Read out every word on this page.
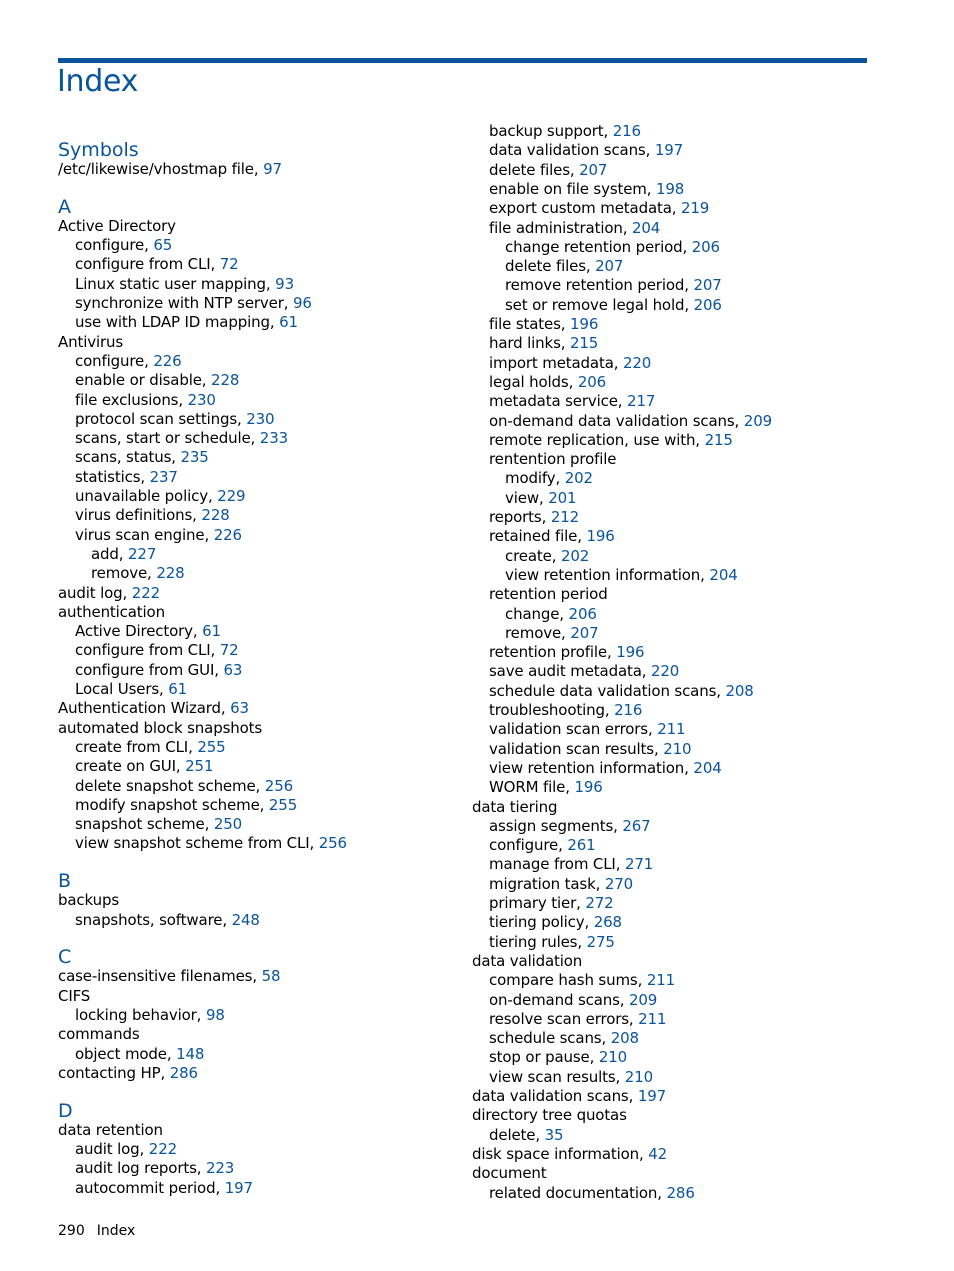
Index
Symbols
/etc/likewise/vhostmap file, 97
A
Active Directory
configure, 65
configure from CLI, 72
Linux static user mapping, 93
synchronize with NTP server, 96
use with LDAP ID mapping, 61
Antivirus
configure, 226
enable or disable, 228
file exclusions, 230
protocol scan settings, 230
scans, start or schedule, 233
scans, status, 235
statistics, 237
unavailable policy, 229
virus definitions, 228
virus scan engine, 226
add, 227
remove, 228
audit log, 222
authentication
Active Directory, 61
configure from CLI, 72
configure from GUI, 63
Local Users, 61
Authentication Wizard, 63
automated block snapshots
create from CLI, 255
create on GUI, 251
delete snapshot scheme, 256
modify snapshot scheme, 255
snapshot scheme, 250
view snapshot scheme from CLI, 256
B
backups
snapshots, software, 248
C
case-insensitive filenames, 58
CIFS
locking behavior, 98
commands
object mode, 148
contacting HP, 286
D
data retention
audit log, 222
audit log reports, 223
autocommit period, 197
backup support, 216
data validation scans, 197
delete files, 207
enable on file system, 198
export custom metadata, 219
file administration, 204
change retention period, 206
delete files, 207
remove retention period, 207
set or remove legal hold, 206
file states, 196
hard links, 215
import metadata, 220
legal holds, 206
metadata service, 217
on-demand data validation scans, 209
remote replication, use with, 215
rentention profile
modify, 202
view, 201
reports, 212
retained file, 196
create, 202
view retention information, 204
retention period
change, 206
remove, 207
retention profile, 196
save audit metadata, 220
schedule data validation scans, 208
troubleshooting, 216
validation scan errors, 211
validation scan results, 210
view retention information, 204
WORM file, 196
data tiering
assign segments, 267
configure, 261
manage from CLI, 271
migration task, 270
primary tier, 272
tiering policy, 268
tiering rules, 275
data validation
compare hash sums, 211
on-demand scans, 209
resolve scan errors, 211
schedule scans, 208
stop or pause, 210
view scan results, 210
data validation scans, 197
directory tree quotas
delete, 35
disk space information, 42
document
related documentation, 286
290 Index
